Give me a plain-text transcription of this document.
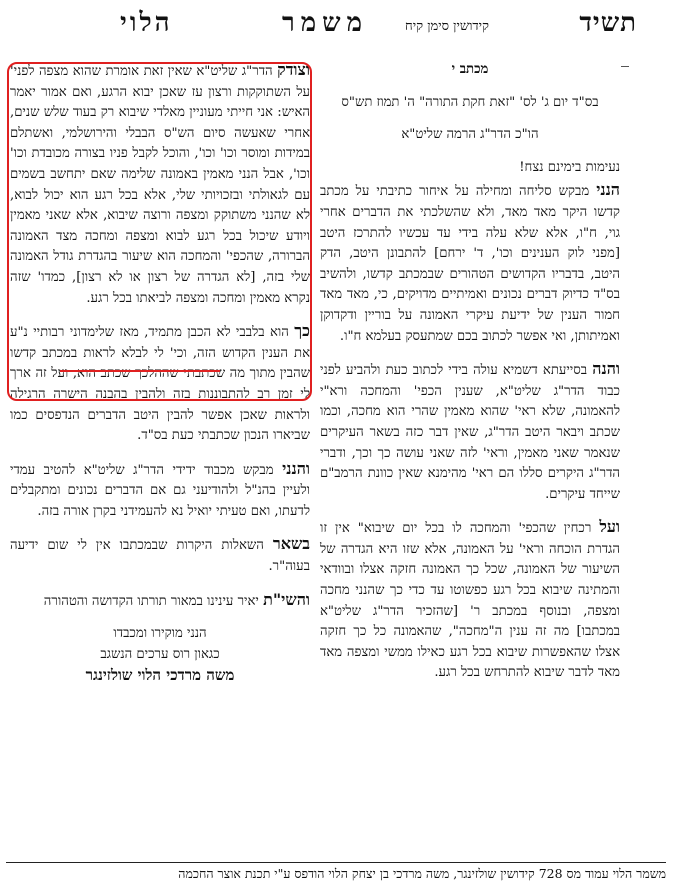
תשיד
משמר	קידושין סימן קיח
הלוי

מכתב י

בס"ד יום ג' לס' "זאת חקת התורה" ה' תמוז תש"ס

הו"כ הדר"ג הרמה שליט"א

נעימות בימינם נצח!

הנני מבקש סליחה ומחילה על איחור כתיבתי על מכתב קדשו היקר מאד מאד, ולא שהשלכתי את הדברים אחרי גוי, ח"ו, אלא שלא עלה בידי עד עכשיו להתרכז היטב [מפני לוק הענינים וכו', ד' ירחם] להתבונן היטב, הדק היטב, בדבריו הקדושים הטהורים שבמכתב קדשו, ולהשיב בס"ד כדיוק דברים נכונים ואמיתיים מדויקים, כי, מאד מאד חמור הענין של ידיעת עיקרי האמונה על בוריין ודקדוקן ואמיתותן, ואי אפשר לכתוב בכם שמתעסק בעלמא ח"ו.

והנה בסייעתא דשמיא עולה בידי לכתוב כעת ולהביע לפני כבוד הדר"ג שליט"א, שענין הכפי' והמחכה ורא"י להאמונה, שלא ראי' שהוא מאמין שהרי הוא מחכה, וכמו שכתב ויבאר היטב הדר"ג, שאין דבר כזה בשאר העיקרים שנאמר שאני מאמין, וראי' לזה שאני עושה כך וכך, ודברי הדר"ג היקרים סללו הם ראי' מהימנא שאין כוונת הרמב"ם שייחד עיקרים.

ועל רכחין שהכפי' והמחכה לו בכל יום שיבוא" אין זו הגדרת הוכחה וראי' על האמונה, אלא שזו היא הגדרה של השיעור של האמונה, שכל כך האמונה חזקה אצלו ובוודאי והמתינה שיבוא בכל רגע כפשוטו עד כדי כך שהנני מחכה ומצפה, ובנוסף במכתב ר' [שהזכיר הדר"ג שליט"א במכתבו] מה זה ענין ה"מחכה", שהאמונה כל כך חזקה אצלו שהאפשרות שיבוא בכל רגע כאילו ממשי ומצפה מאד מאד לדבר שיבוא להתרחש בכל רגע.

וצודק הדר"ג שליט"א שאין זאת אומרת שהוא מצפה לפני' על השתוקקות ורצון עז שאכן יבוא הרגע, ואם אמור יאמר האיש: אני חייתי מעוניין מאלדי שיבוא רק בעוד שלש שנים, אחרי שאעשה סיום הש"ס הבבלי והירושלמי, ואשתלם במידות ומוסר וכו' וכו', והוכל לקבל פניו בצורה מכובדת וכו' וכו', אבל הנני מאמין באמונה שלימה שאם יתחשב בשמים עם לגאולתי ובזכויותי שלי, אלא בכל רגע הוא יכול לבוא, לא שהנני משתוקק ומצפה ורוצה שיבוא, אלא שאני מאמין ויודע שיכול בכל רגע לבוא ומצפה ומחכה מצד האמונה הברורה, שהכפי' והמחכה הוא שיעור בהגדרת גודל האמונה שלי בזה, [לא הגדרה של רצון או לא רצון], כמדו' שזה נקרא מאמין ומחכה ומצפה לביאתו בכל רגע.

כך הוא בלבבי לא הכבן מתמיד, מאז שלימדוני רבותיי נ"ע את הענין הקדוש הזה, וכי' לי לבלא לראות במכתב קדשו שהבין מתוך מה שכתבתי שההלכך שכתב הוא, ועל זה ארך לי זמן רב להתבוננות בזה ולהבין בהבנה הישרה הרגילה ולראות שאכן אפשר להבין היטב הדברים הנדפסים כמו שביארו הנכון שכתבתי כעת בס"ד.

והנני מבקש מכבוד ידידי הדר"ג שליט"א להטיב עמדי ולעיין בהנ"ל ולהודיעני גם אם הדברים נכונים ומתקבלים לדעתו, ואם טעיתי יואיל נא להעמידני בקרן אורה בזה.

בשאר השאלות היקרות שבמכתבו אין לי שום ידיעה בעוה"ר.

והשי"ת יאיר עינינו במאור תורתו הקדושה והטהורה

הנני מוקירו ומכבדו
כגאון רוס ערכים הנשגב
משה מרדכי הלוי שולזינגר

משמר הלוי עמוד מס 728 קידושין שולזינגר, משה מרדכי בן יצחק הלוי הודפס ע"י תכנת אוצר החכמה
